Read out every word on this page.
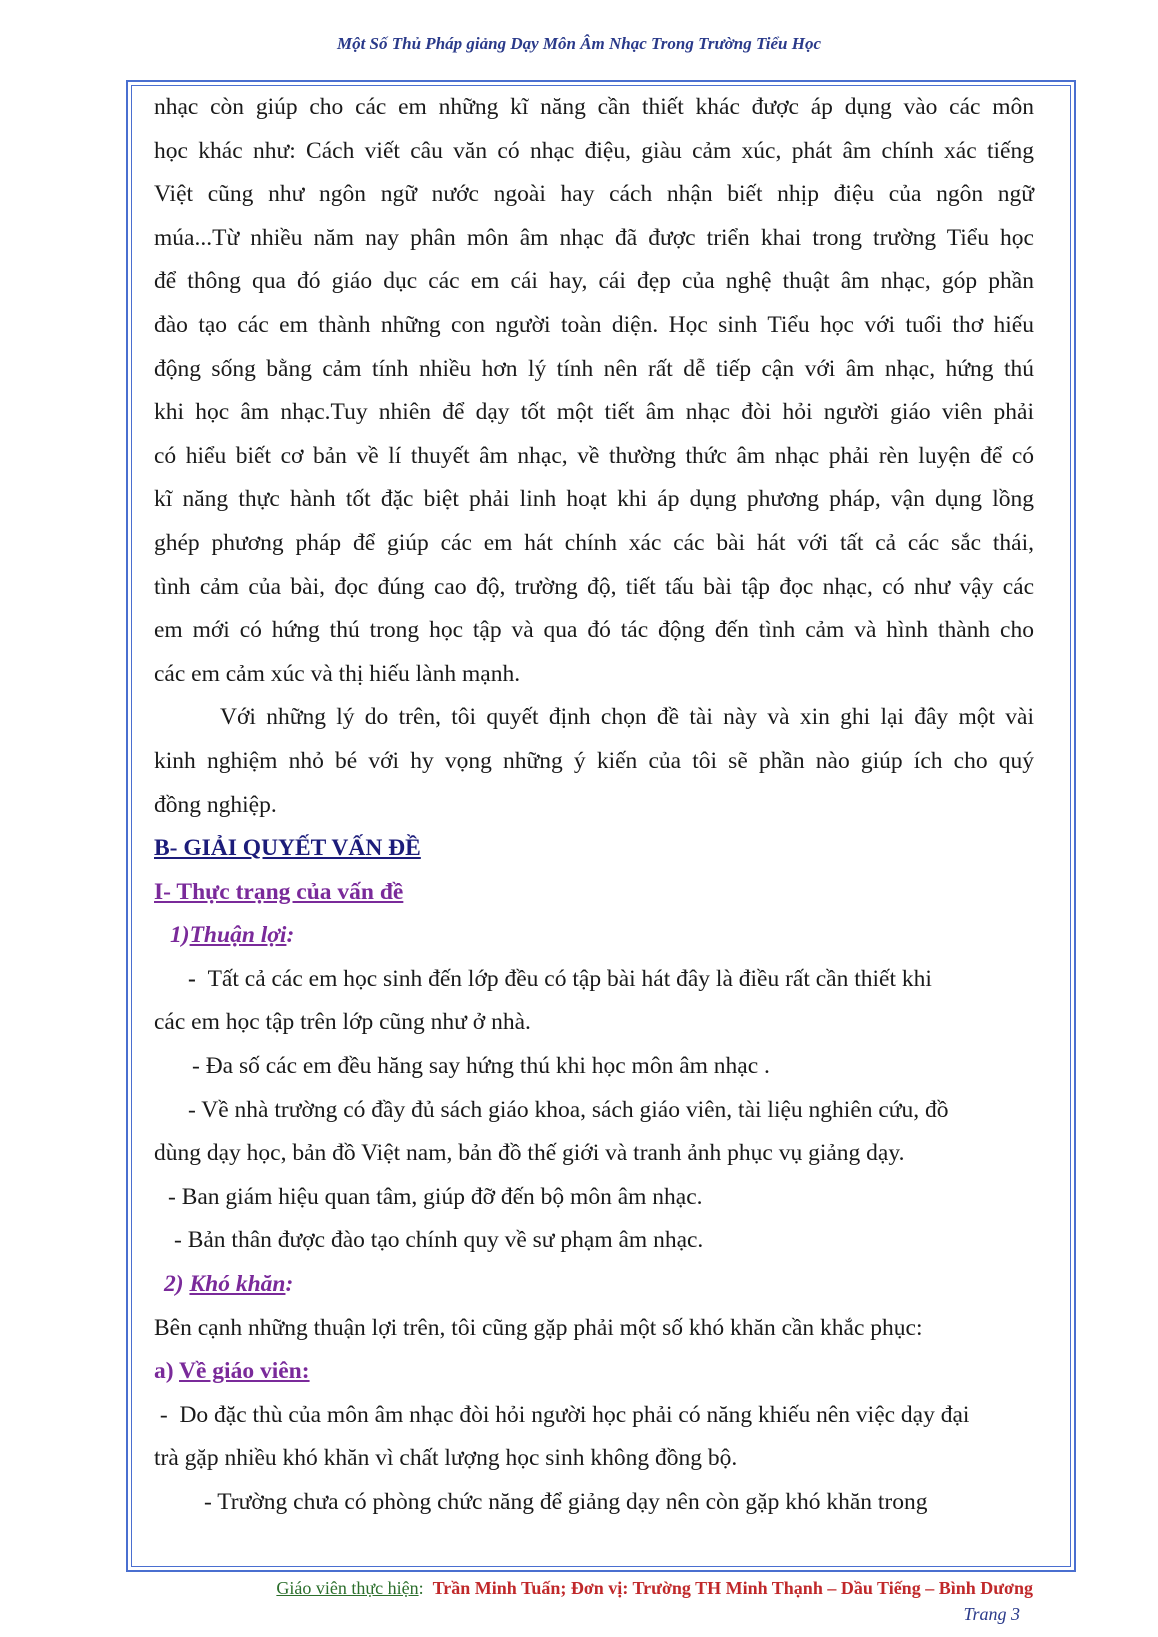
Một Số Thủ Pháp giảng Dạy Môn Âm Nhạc Trong Trường Tiểu Học
nhạc còn giúp cho các em những kĩ năng cần thiết khác được áp dụng vào các môn
học khác như: Cách viết câu văn có nhạc điệu, giàu cảm xúc, phát âm chính xác tiếng
Việt cũng như ngôn ngữ nước ngoài hay cách nhận biết nhịp điệu của ngôn ngữ
múa...Từ nhiều năm nay phân môn âm nhạc đã được triển khai trong trường Tiểu học
để thông qua đó giáo dục các em cái hay, cái đẹp của nghệ thuật âm nhạc, góp phần
đào tạo các em thành những con người toàn diện. Học sinh Tiểu học với tuổi thơ hiếu
động sống bằng cảm tính nhiều hơn lý tính nên rất dễ tiếp cận với âm nhạc, hứng thú
khi học âm nhạc.Tuy nhiên để dạy tốt một tiết âm nhạc đòi hỏi người giáo viên phải
có hiểu biết cơ bản về lí thuyết âm nhạc, về thường thức âm nhạc phải rèn luyện để có
kĩ năng thực hành tốt đặc biệt phải linh hoạt khi áp dụng phương pháp, vận dụng lồng
ghép phương pháp để giúp các em hát chính xác các bài hát với tất cả các sắc thái,
tình cảm của bài, đọc đúng cao độ, trường độ, tiết tấu bài tập đọc nhạc, có như vậy các
em mới có hứng thú trong học tập và qua đó tác động đến tình cảm và hình thành cho
các em cảm xúc và thị hiếu lành mạnh.
Với những lý do trên, tôi quyết định chọn đề tài này và xin ghi lại đây một vài
kinh nghiệm nhỏ bé với hy vọng những ý kiến của tôi sẽ phần nào giúp ích cho quý
đồng nghiệp.
B- GIẢI QUYẾT VẤN ĐỀ
I- Thực trạng của vấn đề
1)Thuận lợi:
- Tất cả các em học sinh đến lớp đều có tập bài hát đây là điều rất cần thiết khi
các em học tập trên lớp cũng như ở nhà.
- Đa số các em đều hăng say hứng thú khi học môn âm nhạc .
- Về nhà trường có đầy đủ sách giáo khoa, sách giáo viên, tài liệu nghiên cứu, đồ
dùng dạy học, bản đồ Việt nam, bản đồ thế giới và tranh ảnh phục vụ giảng dạy.
- Ban giám hiệu quan tâm, giúp đỡ đến bộ môn âm nhạc.
- Bản thân được đào tạo chính quy về sư phạm âm nhạc.
2) Khó khăn:
Bên cạnh những thuận lợi trên, tôi cũng gặp phải một số khó khăn cần khắc phục:
a) Về giáo viên:
-  Do đặc thù của môn âm nhạc đòi hỏi người học phải có năng khiếu nên việc dạy đại
trà gặp nhiều khó khăn vì chất lượng học sinh không đồng bộ.
- Trường chưa có phòng chức năng để giảng dạy nên còn gặp khó khăn trong
Giáo viên thực hiện: Trần Minh Tuấn; Đơn vị: Trường TH Minh Thạnh – Dầu Tiếng – Bình Dương
Trang 3
